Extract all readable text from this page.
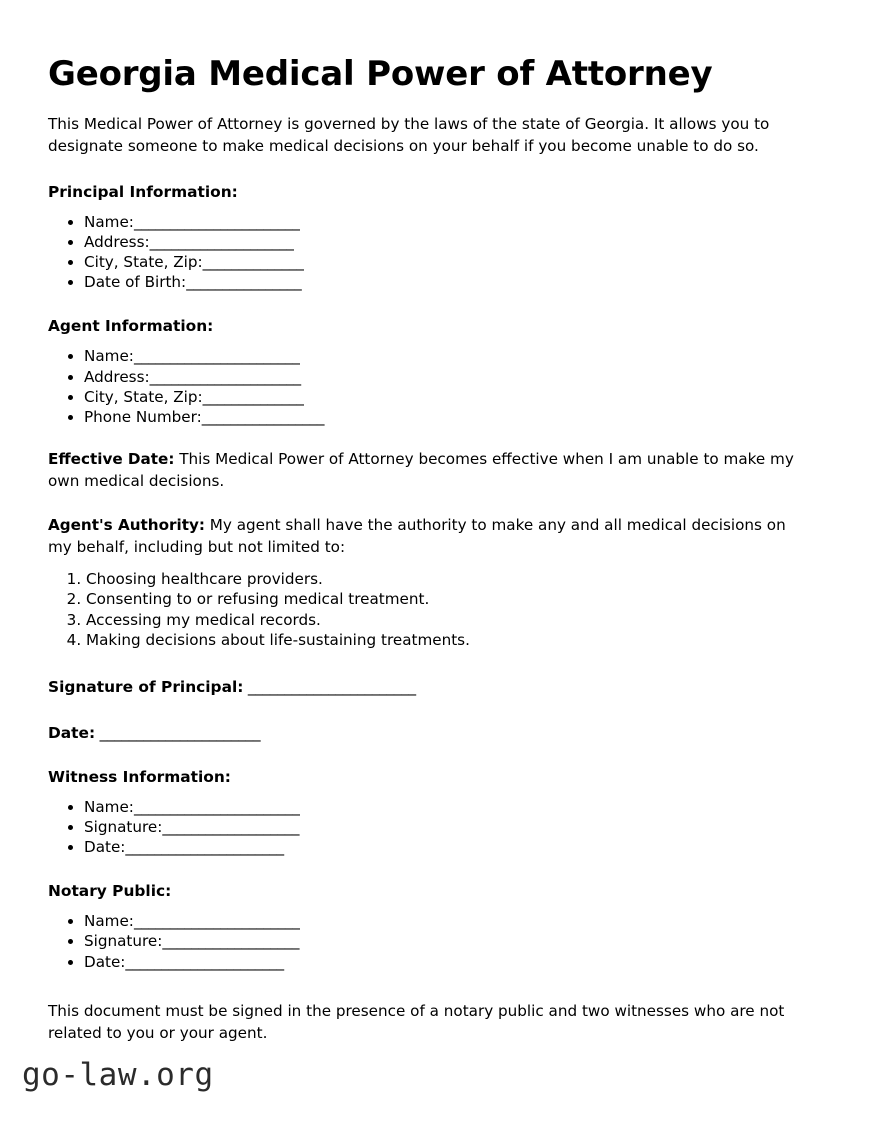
Georgia Medical Power of Attorney

This Medical Power of Attorney is governed by the laws of the state of Georgia. It allows you to designate someone to make medical decisions on your behalf if you become unable to do so.

Principal Information:
• Name:_______________________
• Address:____________________
• City, State, Zip:______________
• Date of Birth:________________
Agent Information:
• Name:_______________________
• Address:_____________________
• City, State, Zip:______________
• Phone Number:_________________

Effective Date: This Medical Power of Attorney becomes effective when I am unable to make my own medical decisions.

Agent's Authority: My agent shall have the authority to make any and all medical decisions on my behalf, including but not limited to:

1. Choosing healthcare providers.
2. Consenting to or refusing medical treatment.
3. Accessing my medical records.
4. Making decisions about life-sustaining treatments.

Signature of Principal: _______________________

Date: ______________________

Witness Information:
• Name:_______________________
• Signature:___________________
• Date:______________________
Notary Public:
• Name:_______________________
• Signature:___________________
• Date:______________________

This document must be signed in the presence of a notary public and two witnesses who are not related to you or your agent.

go-law.org
